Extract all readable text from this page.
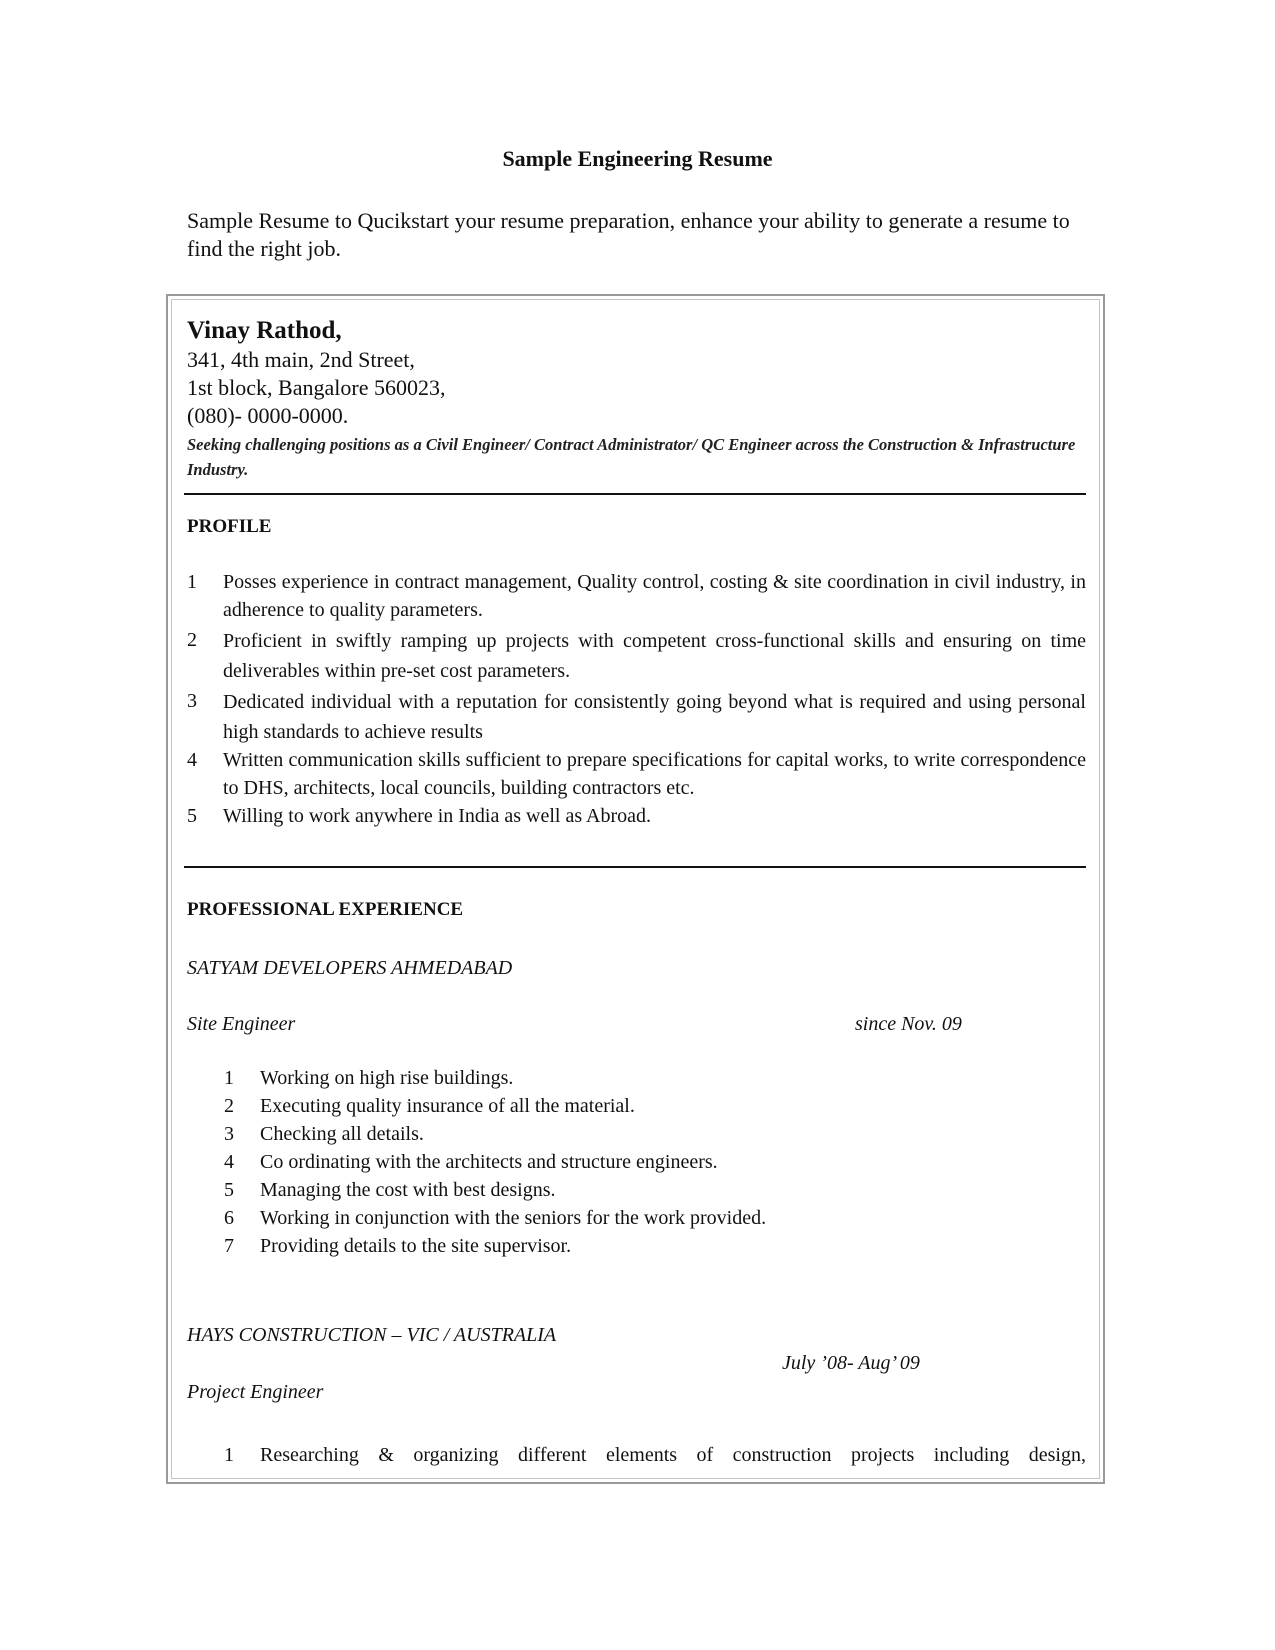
Sample Engineering Resume
Sample Resume to Qucikstart your resume preparation, enhance your ability to generate a resume to find the right job.
Vinay Rathod,
341, 4th main, 2nd Street,
1st block, Bangalore 560023,
(080)- 0000-0000.
Seeking challenging positions as a Civil Engineer/ Contract Administrator/ QC Engineer across the Construction & Infrastructure Industry.
PROFILE
1 Posses experience in contract management, Quality control, costing & site coordination in civil industry, in adherence to quality parameters.
2 Proficient in swiftly ramping up projects with competent cross-functional skills and ensuring on time deliverables within pre-set cost parameters.
3 Dedicated individual with a reputation for consistently going beyond what is required and using personal high standards to achieve results
4 Written communication skills sufficient to prepare specifications for capital works, to write correspondence to DHS, architects, local councils, building contractors etc.
5 Willing to work anywhere in India as well as Abroad.
PROFESSIONAL EXPERIENCE
SATYAM DEVELOPERS AHMEDABAD
Site Engineer	since Nov. 09
1 Working on high rise buildings.
2 Executing quality insurance of all the material.
3 Checking all details.
4 Co ordinating with the architects and structure engineers.
5 Managing the cost with best designs.
6 Working in conjunction with the seniors for the work provided.
7 Providing details to the site supervisor.
HAYS CONSTRUCTION – VIC / AUSTRALIA
July ’08- Aug’ 09
Project Engineer
1 Researching & organizing different elements of construction projects including design,
